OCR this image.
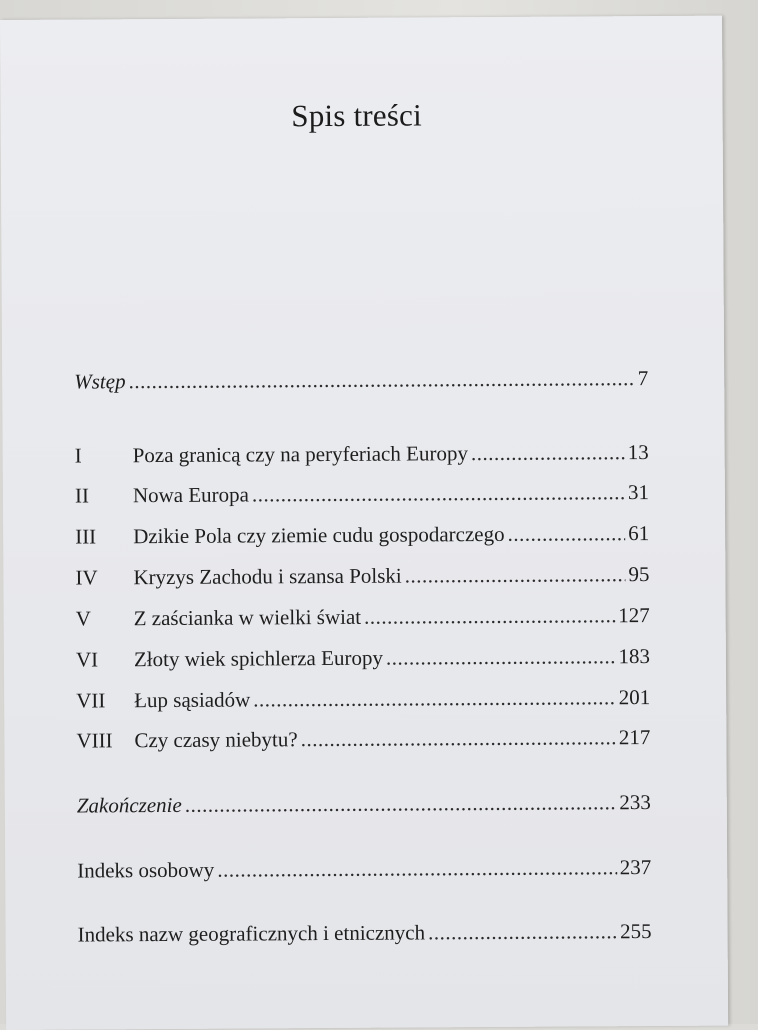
Spis treści
Wstęp .....	7
I	Poza granicą czy na peryferiach Europy .....	13
II	Nowa Europa .....	31
III	Dzikie Pola czy ziemie cudu gospodarczego .....	61
IV	Kryzys Zachodu i szansa Polski .....	95
V	Z zaścianka w wielki świat .....	127
VI	Złoty wiek spichlerza Europy .....	183
VII	Łup sąsiadów .....	201
VIII	Czy czasy niebytu? .....	217
Zakończenie .....	233
Indeks osobowy .....	237
Indeks nazw geograficznych i etnicznych .....	255
